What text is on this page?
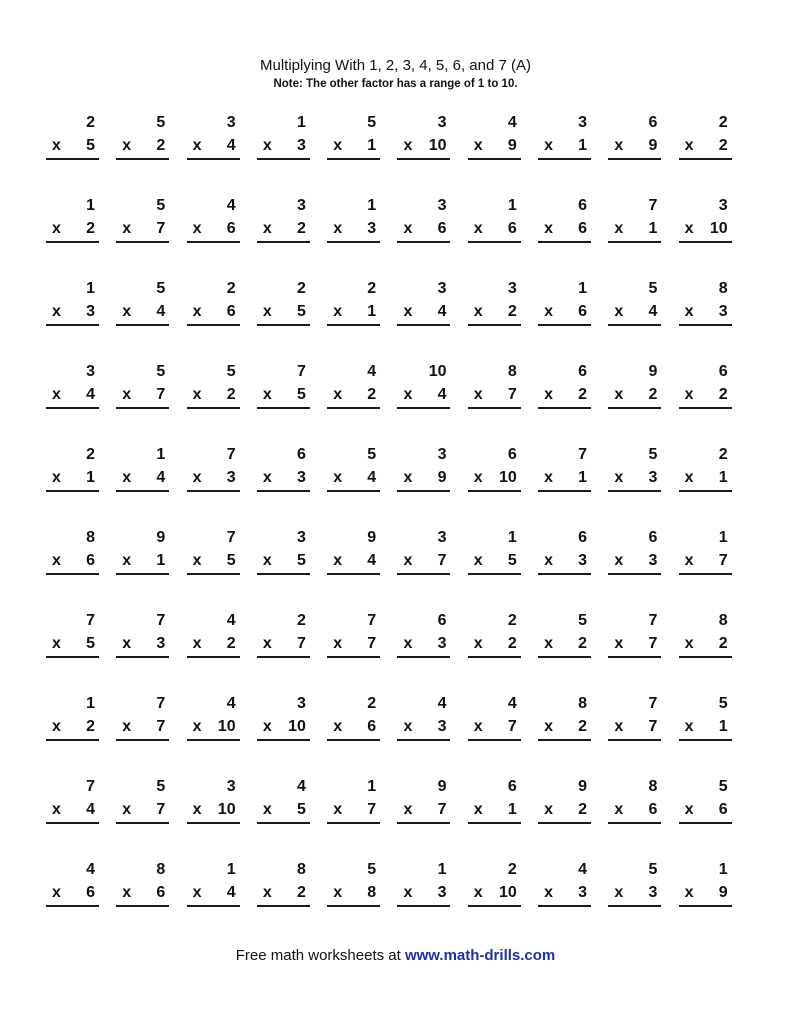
Multiplying With 1, 2, 3, 4, 5, 6, and 7 (A)
Note: The other factor has a range of 1 to 10.
2
x 5
5
x 2
3
x 4
1
x 3
5
x 1
3
x 10
4
x 9
3
x 1
6
x 9
2
x 2
1
x 2
5
x 7
4
x 6
3
x 2
1
x 3
3
x 6
1
x 6
6
x 6
7
x 1
3
x 10
1
x 3
5
x 4
2
x 6
2
x 5
2
x 1
3
x 4
3
x 2
1
x 6
5
x 4
8
x 3
3
x 4
5
x 7
5
x 2
7
x 5
4
x 2
10
x 4
8
x 7
6
x 2
9
x 2
6
x 2
2
x 1
1
x 4
7
x 3
6
x 3
5
x 4
3
x 9
6
x 10
7
x 1
5
x 3
2
x 1
8
x 6
9
x 1
7
x 5
3
x 5
9
x 4
3
x 7
1
x 5
6
x 3
6
x 3
1
x 7
7
x 5
7
x 3
4
x 2
2
x 7
7
x 7
6
x 3
2
x 2
5
x 2
7
x 7
8
x 2
1
x 2
7
x 7
4
x 10
3
x 10
2
x 6
4
x 3
4
x 7
8
x 2
7
x 7
5
x 1
7
x 4
5
x 7
3
x 10
4
x 5
1
x 7
9
x 7
6
x 1
9
x 2
8
x 6
5
x 6
4
x 6
8
x 6
1
x 4
8
x 2
5
x 8
1
x 3
2
x 10
4
x 3
5
x 3
1
x 9
Free math worksheets at www.math-drills.com
